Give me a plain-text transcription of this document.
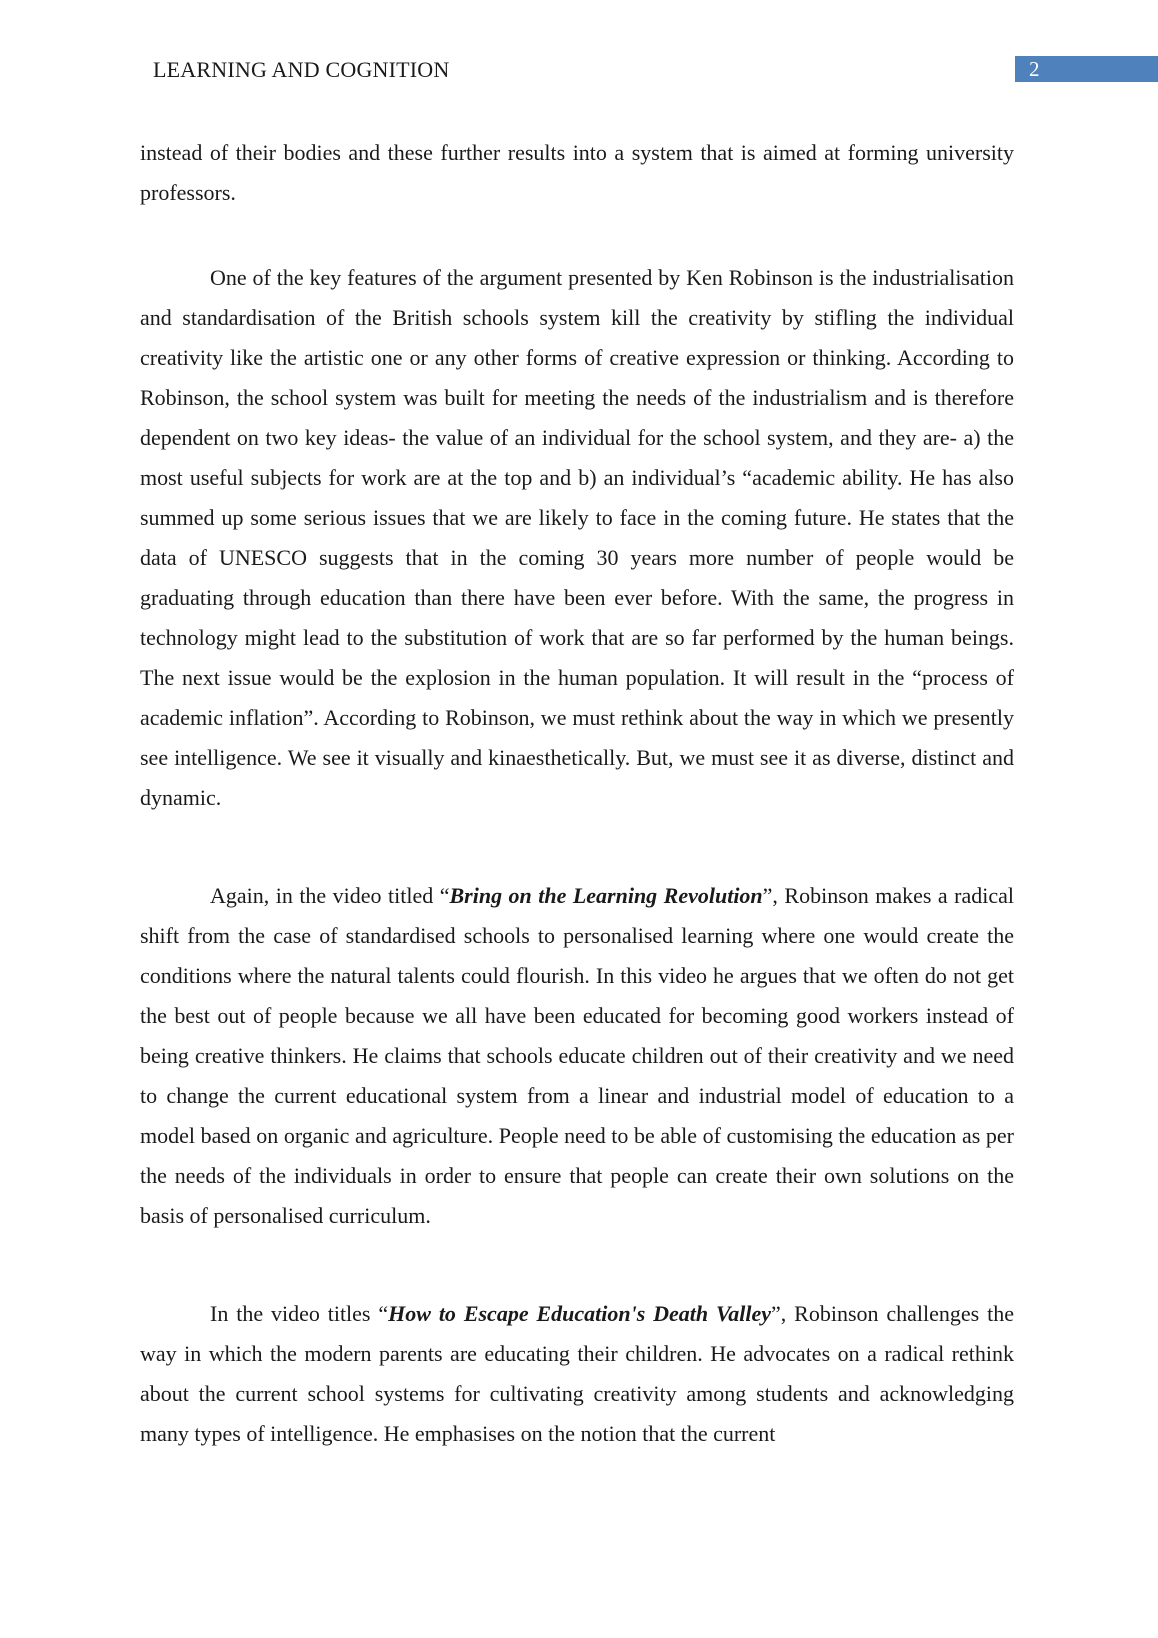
LEARNING AND COGNITION	2

instead of their bodies and these further results into a system that is aimed at forming university professors.

One of the key features of the argument presented by Ken Robinson is the industrialisation and standardisation of the British schools system kill the creativity by stifling the individual creativity like the artistic one or any other forms of creative expression or thinking. According to Robinson, the school system was built for meeting the needs of the industrialism and is therefore dependent on two key ideas- the value of an individual for the school system, and they are- a) the most useful subjects for work are at the top and b) an individual’s “academic ability. He has also summed up some serious issues that we are likely to face in the coming future. He states that the data of UNESCO suggests that in the coming 30 years more number of people would be graduating through education than there have been ever before. With the same, the progress in technology might lead to the substitution of work that are so far performed by the human beings. The next issue would be the explosion in the human population. It will result in the “process of academic inflation”. According to Robinson, we must rethink about the way in which we presently see intelligence. We see it visually and kinaesthetically. But, we must see it as diverse, distinct and dynamic.

Again, in the video titled “Bring on the Learning Revolution”, Robinson makes a radical shift from the case of standardised schools to personalised learning where one would create the conditions where the natural talents could flourish. In this video he argues that we often do not get the best out of people because we all have been educated for becoming good workers instead of being creative thinkers. He claims that schools educate children out of their creativity and we need to change the current educational system from a linear and industrial model of education to a model based on organic and agriculture. People need to be able of customising the education as per the needs of the individuals in order to ensure that people can create their own solutions on the basis of personalised curriculum.

In the video titles “How to Escape Education's Death Valley”, Robinson challenges the way in which the modern parents are educating their children. He advocates on a radical rethink about the current school systems for cultivating creativity among students and acknowledging many types of intelligence. He emphasises on the notion that the current
